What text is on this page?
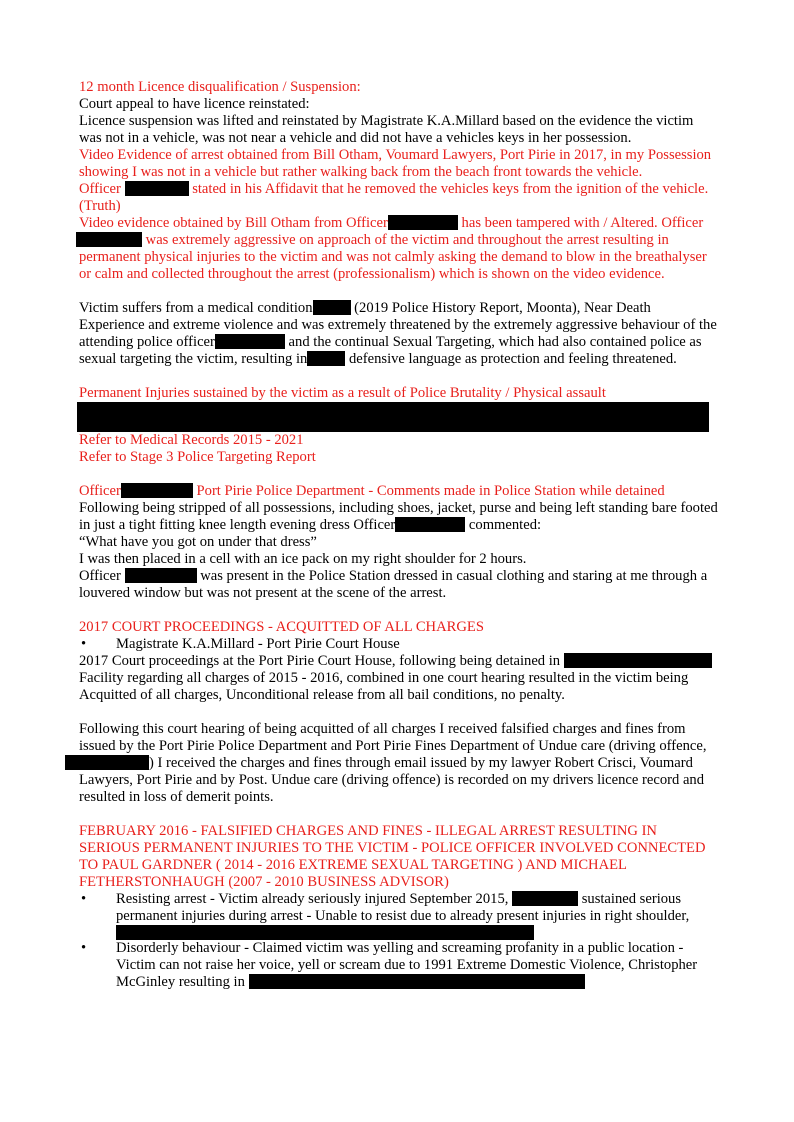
12 month Licence disqualification / Suspension:

Court appeal to have licence reinstated:

Licence suspension was lifted and reinstated by Magistrate K.A.Millard based on the evidence the victim was not in a vehicle, was not near a vehicle and did not have a vehicles keys in her possession.

Video Evidence of arrest obtained from Bill Otham, Voumard Lawyers, Port Pirie in 2017, in my Possession showing I was not in a vehicle but rather walking back from the beach front towards the vehicle.

Officer	stated in his Affidavit that he removed the vehicles keys from the ignition of the vehicle.(Truth)

Video evidence obtained by Bill Otham from Officer	has been tampered with / Altered. Officer  was extremely aggressive on approach of the victim and throughout the arrest resulting in permanent physical injuries to the victim and was not calmly asking the demand to blow in the breathalyser or calm and collected throughout the arrest (professionalism) which is shown on the video evidence.

Victim suffers from a medical condition	(2019 Police History Report, Moonta), Near Death Experience and extreme violence and was extremely threatened by the extremely aggressive behaviour of the attending police officer	and the continual Sexual Targeting, which had also contained police as sexual targeting the victim, resulting in	defensive language as protection and feeling threatened.

Permanent Injuries sustained by the victim as a result of Police Brutality / Physical assault

Refer to Medical Records 2015 - 2021

Refer to Stage 3 Police Targeting Report

Officer	Port Pirie Police Department - Comments made in Police Station while detained

Following being stripped of all possessions, including shoes, jacket, purse and being left standing bare footed in just a tight fitting knee length evening dress Officer	commented:

“What have you got on under that dress”

I was then placed in a cell with an ice pack on my right shoulder for 2 hours.

Officer	was present in the Police Station dressed in casual clothing and staring at me through a louvered window but was not present at the scene of the arrest.

2017 COURT PROCEEDINGS - ACQUITTED OF ALL CHARGES

• Magistrate K.A.Millard - Port Pirie Court House

2017 Court proceedings at the Port Pirie Court House, following being detained in  Facility regarding all charges of 2015 - 2016, combined in one court hearing resulted in the victim being Acquitted of all charges, Unconditional release from all bail conditions, no penalty.

Following this court hearing of being acquitted of all charges I received falsified charges and fines from issued by the Port Pirie Police Department and Port Pirie Fines Department of Undue care (driving offence,
) I received the charges and fines through email issued by my lawyer Robert Crisci, Voumard Lawyers, Port Pirie and by Post. Undue care (driving offence) is recorded on my drivers licence record and resulted in loss of demerit points.

FEBRUARY 2016 - FALSIFIED CHARGES AND FINES - ILLEGAL ARREST RESULTING IN SERIOUS PERMANENT INJURIES TO THE VICTIM - POLICE OFFICER INVOLVED CONNECTED TO PAUL GARDNER ( 2014 - 2016 EXTREME SEXUAL TARGETING ) AND MICHAEL FETHERSTONHAUGH (2007 - 2010 BUSINESS ADVISOR)

• Resisting arrest - Victim already seriously injured September 2015,	sustained serious permanent injuries during arrest - Unable to resist due to already present injuries in right shoulder,

• Disorderly behaviour - Claimed victim was yelling and screaming profanity in a public location - Victim can not raise her voice, yell or scream due to 1991 Extreme Domestic Violence, Christopher McGinley resulting in
